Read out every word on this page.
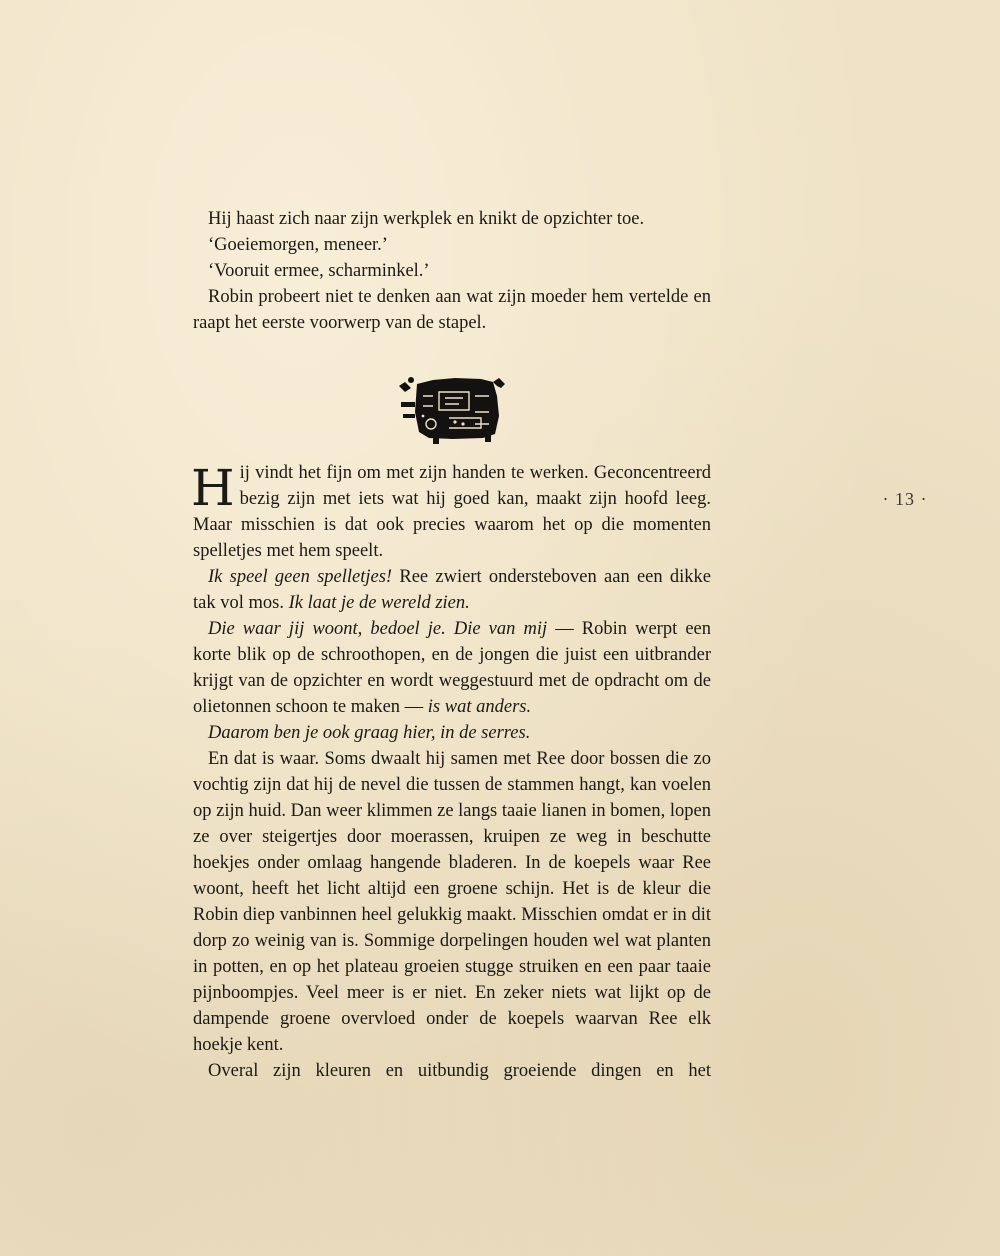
Hij haast zich naar zijn werkplek en knikt de opzichter toe.

‘Goeiemorgen, meneer.’

‘Vooruit ermee, scharminkel.’

Robin probeert niet te denken aan wat zijn moeder hem vertelde en raapt het eerste voorwerp van de stapel.

Hij vindt het fijn om met zijn handen te werken. Geconcentreerd bezig zijn met iets wat hij goed kan, maakt zijn hoofd leeg. Maar misschien is dat ook precies waarom het op die momenten spelletjes met hem speelt.

Ik speel geen spelletjes! Ree zwiert ondersteboven aan een dikke tak vol mos. Ik laat je de wereld zien.

Die waar jij woont, bedoel je. Die van mij — Robin werpt een korte blik op de schroothopen, en de jongen die juist een uitbrander krijgt van de opzichter en wordt weggestuurd met de opdracht om de olietonnen schoon te maken — is wat anders.

Daarom ben je ook graag hier, in de serres.

En dat is waar. Soms dwaalt hij samen met Ree door bossen die zo vochtig zijn dat hij de nevel die tussen de stammen hangt, kan voelen op zijn huid. Dan weer klimmen ze langs taaie lianen in bomen, lopen ze over steigertjes door moerassen, kruipen ze weg in beschutte hoekjes onder omlaag hangende bladeren. In de koepels waar Ree woont, heeft het licht altijd een groene schijn. Het is de kleur die Robin diep vanbinnen heel gelukkig maakt. Misschien omdat er in dit dorp zo weinig van is. Sommige dorpelingen houden wel wat planten in potten, en op het plateau groeien stugge struiken en een paar taaie pijnboompjes. Veel meer is er niet. En zeker niets wat lijkt op de dampende groene overvloed onder de koepels waarvan Ree elk hoekje kent.

Overal zijn kleuren en uitbundig groeiende dingen en het

· 13 ·
